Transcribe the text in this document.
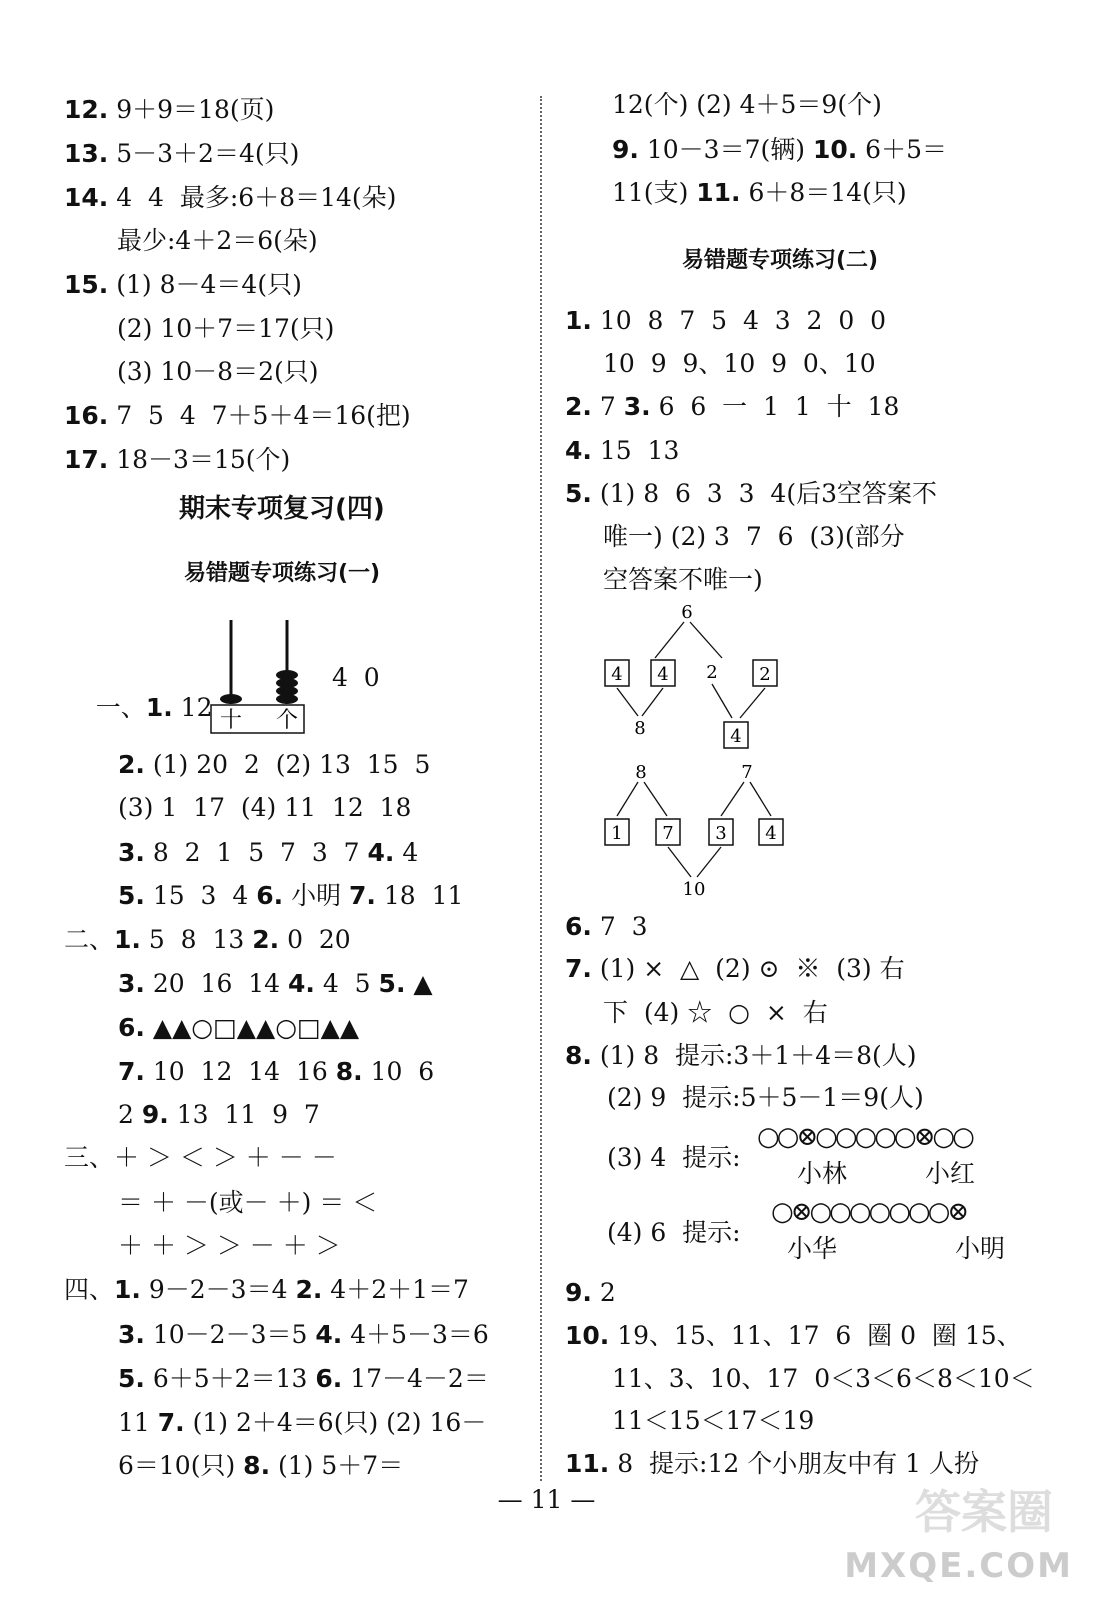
12. 9＋9＝18(页)
13. 5－3＋2＝4(只)
14. 4  4  最多:6＋8＝14(朵)
最少:4＋2＝6(朵)
15. (1) 8－4＝4(只)
(2) 10＋7＝17(只)
(3) 10－8＝2(只)
16. 7  5  4  7＋5＋4＝16(把)
17. 18－3＝15(个)
期末专项复习(四)
易错题专项练习(一)

一、1. 12
十 个
4  0
2. (1) 20  2  (2) 13  15  5
(3) 1  17  (4) 11  12  18
3. 8  2  1  5  7  3  7 4. 4
5. 15  3  4 6. 小明 7. 18  11
二、1. 5  8  13 2. 0  20
3. 20  16  14 4. 4  5 5. ▲
6. ▲▲○□▲▲○□▲▲
7. 10  12  14  16 8. 10  6
2 9. 13  11  9  7
三、＋ ＞ ＜ ＞ ＋ － －
＝ ＋ －(或－ ＋) ＝ ＜
＋ ＋ ＞ ＞ － ＋ ＞
四、1. 9－2－3＝4 2. 4＋2＋1＝7
3. 10－2－3＝5 4. 4＋5－3＝6
5. 6＋5＋2＝13 6. 17－4－2＝
11 7. (1) 2＋4＝6(只) (2) 16－
6＝10(只) 8. (1) 5＋7＝
12(个) (2) 4＋5＝9(个)
9. 10－3＝7(辆) 10. 6＋5＝
11(支) 11. 6＋8＝14(只)
易错题专项练习(二)
1. 10  8  7  5  4  3  2  0  0
10  9  9、10  9  0、10
2. 7 3. 6  6  一  1  1  十  18
4. 15  13
5. (1) 8  6  3  3  4(后3空答案不
唯一) (2) 3  7  6  (3)(部分
空答案不唯一)
6
4 4 2 2
8	4
8	7
1 7 3 4
10
6. 7  3
7. (1) ×  △  (2) ⊙  ※  (3) 右
下  (4) ☆  ○  ×  右
8. (1) 8  提示:3＋1＋4＝8(人)
(2) 9  提示:5＋5－1＝9(人)
(3) 4  提示:
○○⊗○○○○○⊗○○
小林	小红
(4) 6  提示:
○⊗○○○○○○○⊗
小华	小明
9. 2
10. 19、15、11、17  6  圈 0  圈 15、
11、3、10、17  0＜3＜6＜8＜10＜
11＜15＜17＜19
11. 8  提示:12 个小朋友中有 1 人扮
— 11 —	答案圈
MXQE.COM
